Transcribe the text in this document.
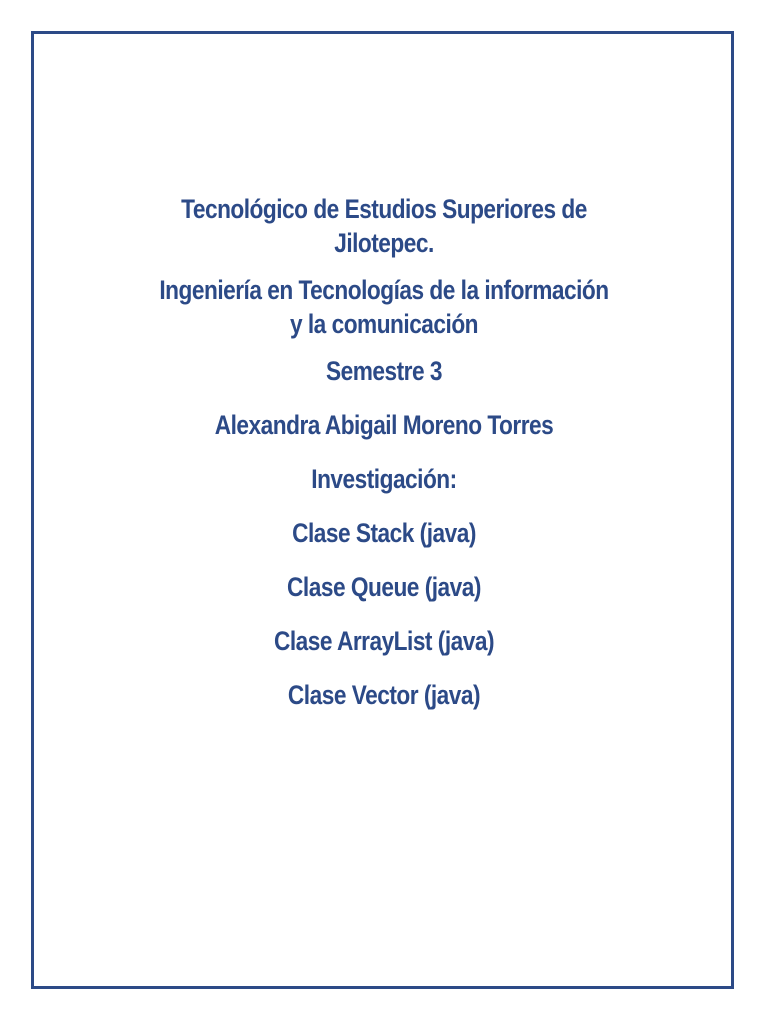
Tecnológico de Estudios Superiores de

Jilotepec.

Ingeniería en Tecnologías de la información

y la comunicación

Semestre 3

Alexandra Abigail Moreno Torres

Investigación:

Clase Stack (java)

Clase Queue (java)

Clase ArrayList (java)

Clase Vector (java)
